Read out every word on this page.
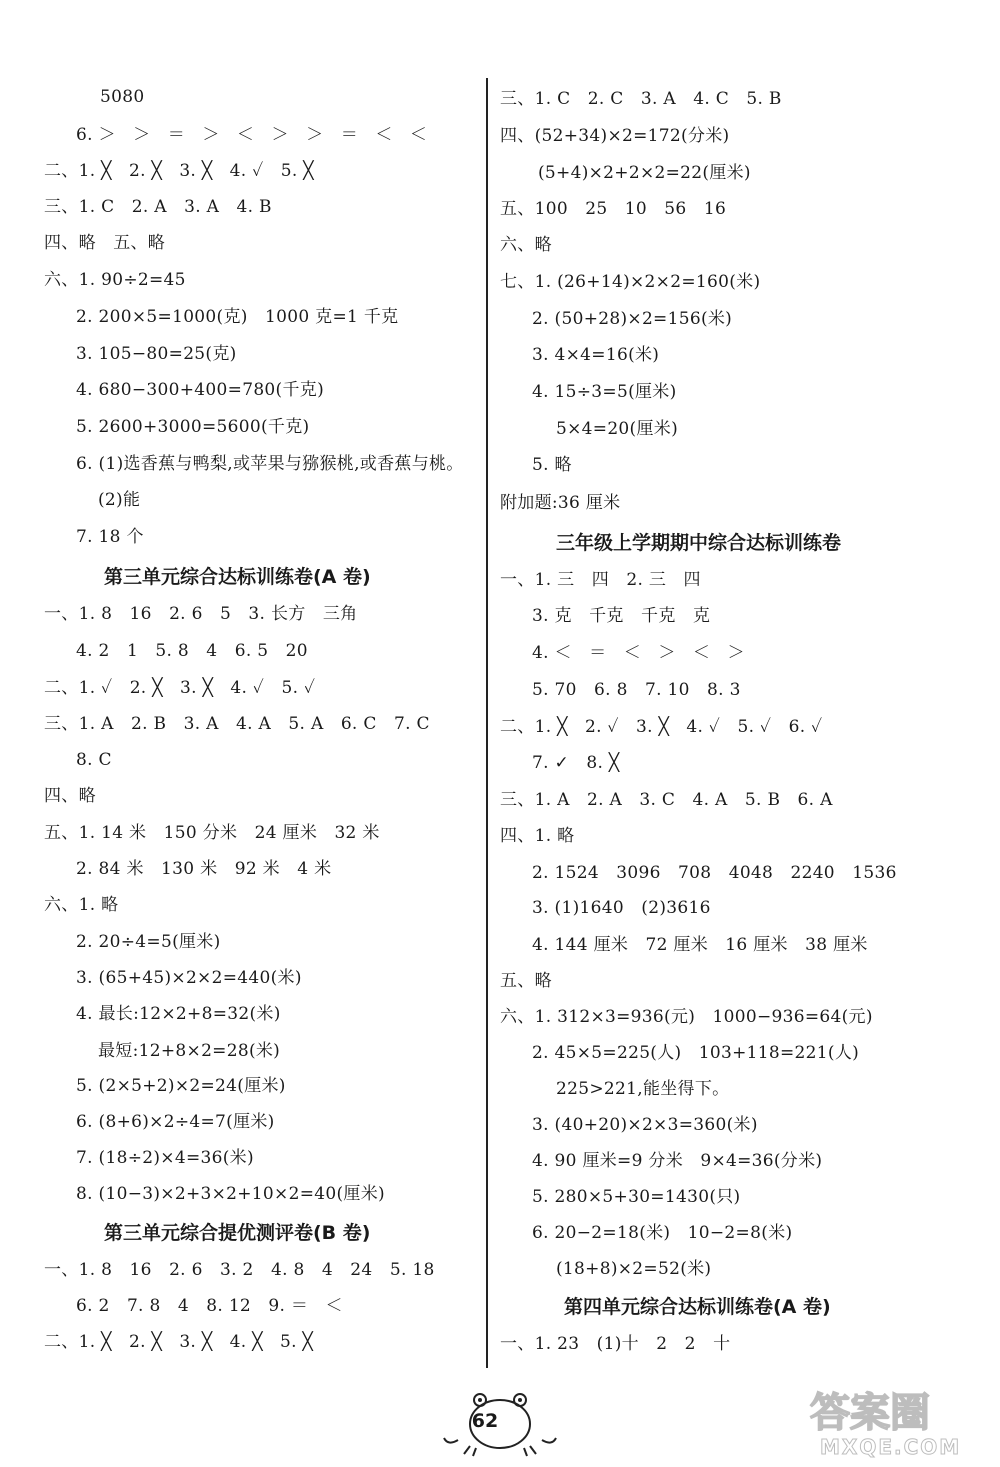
5080
6. ＞　＞　＝　＞　＜　＞　＞　＝　＜　＜
二、1. ╳　2. ╳　3. ╳　4. ✓　5. ╳
三、1. C　2. A　3. A　4. B
四、略　五、略
六、1. 90÷2=45
2. 200×5=1000(克)　1000 克=1 千克
3. 105−80=25(克)
4. 680−300+400=780(千克)
5. 2600+3000=5600(千克)
6. (1)选香蕉与鸭梨,或苹果与猕猴桃,或香蕉与桃。
(2)能
7. 18 个
第三单元综合达标训练卷(A 卷)
一、1. 8　16　2. 6　5　3. 长方　三角
4. 2　1　5. 8　4　6. 5　20
二、1. ✓　2. ╳　3. ╳　4. ✓　5. ✓
三、1. A　2. B　3. A　4. A　5. A　6. C　7. C
8. C
四、略
五、1. 14 米　150 分米　24 厘米　32 米
2. 84 米　130 米　92 米　4 米
六、1. 略
2. 20÷4=5(厘米)
3. (65+45)×2×2=440(米)
4. 最长:12×2+8=32(米)
最短:12+8×2=28(米)
5. (2×5+2)×2=24(厘米)
6. (8+6)×2÷4=7(厘米)
7. (18÷2)×4=36(米)
8. (10−3)×2+3×2+10×2=40(厘米)
第三单元综合提优测评卷(B 卷)
一、1. 8　16　2. 6　3. 2　4. 8　4　24　5. 18
6. 2　7. 8　4　8. 12　9. ＝　＜
二、1. ╳　2. ╳　3. ╳　4. ╳　5. ╳
三、1. C　2. C　3. A　4. C　5. B
四、(52+34)×2=172(分米)
(5+4)×2+2×2=22(厘米)
五、100　25　10　56　16
六、略
七、1. (26+14)×2×2=160(米)
2. (50+28)×2=156(米)
3. 4×4=16(米)
4. 15÷3=5(厘米)
5×4=20(厘米)
5. 略
附加题:36 厘米
三年级上学期期中综合达标训练卷
一、1. 三　四　2. 三　四
3. 克　千克　千克　克
4. ＜　＝　＜　＞　＜　＞
5. 70　6. 8　7. 10　8. 3
二、1. ╳　2. ✓　3. ╳　4. ✓　5. ✓　6. ✓
7. ✓　8. ╳
三、1. A　2. A　3. C　4. A　5. B　6. A
四、1. 略
2. 1524　3096　708　4048　2240　1536
3. (1)1640　(2)3616
4. 144 厘米　72 厘米　16 厘米　38 厘米
五、略
六、1. 312×3=936(元)　1000−936=64(元)
2. 45×5=225(人)　103+118=221(人)
225>221,能坐得下。
3. (40+20)×2×3=360(米)
4. 90 厘米=9 分米　9×4=36(分米)
5. 280×5+30=1430(只)
6. 20−2=18(米)　10−2=8(米)
(18+8)×2=52(米)
第四单元综合达标训练卷(A 卷)
一、1. 23　(1)十　2　2　十
62	答案圈
MXQE.COM
